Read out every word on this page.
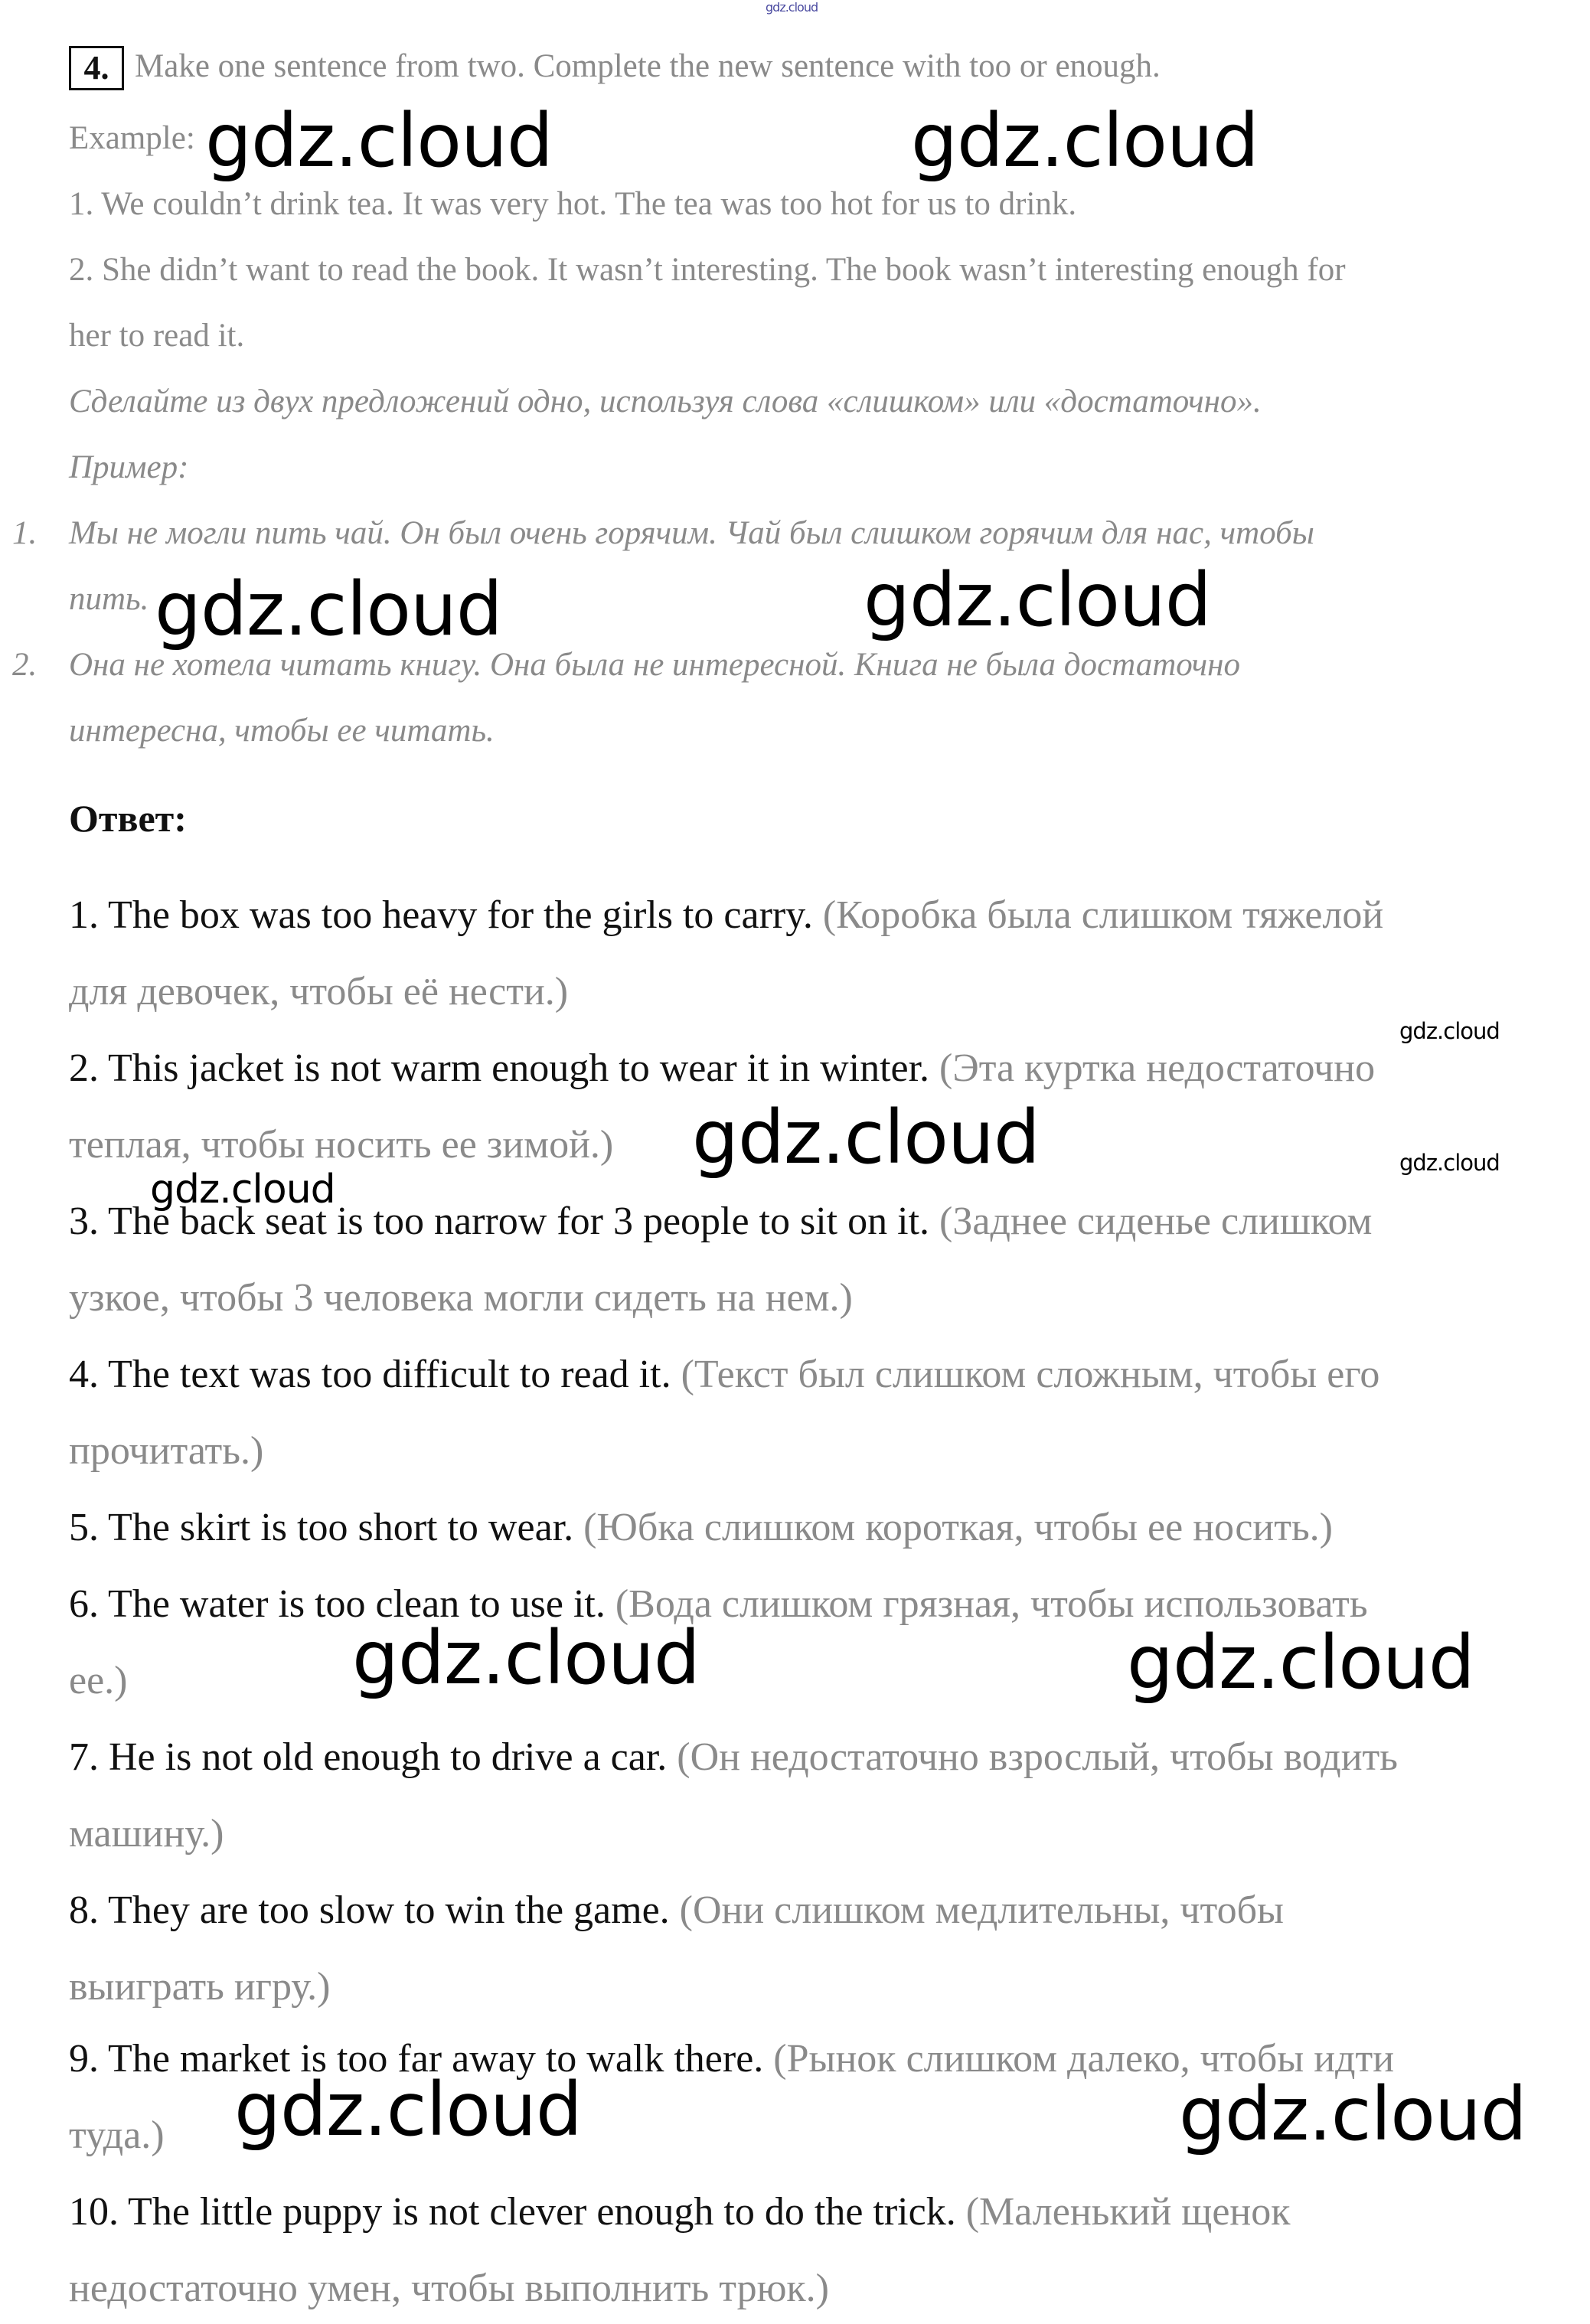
gdz.cloud
4. Make one sentence from two. Complete the new sentence with too or enough.
Example:
1. We couldn’t drink tea. It was very hot. The tea was too hot for us to drink.
2. She didn’t want to read the book. It wasn’t interesting. The book wasn’t interesting enough for
her to read it.
Сделайте из двух предложений одно, используя слова «слишком» или «достаточно».
Пример:
1. Мы не могли пить чай. Он был очень горячим. Чай был слишком горячим для нас, чтобы
пить.
2. Она не хотела читать книгу. Она была не интересной. Книга не была достаточно
интересна, чтобы ее читать.
Ответ:
1. The box was too heavy for the girls to carry. (Коробка была слишком тяжелой
для девочек, чтобы её нести.)
2. This jacket is not warm enough to wear it in winter. (Эта куртка недостаточно
теплая, чтобы носить ее зимой.)
3. The back seat is too narrow for 3 people to sit on it. (Заднее сиденье слишком
узкое, чтобы 3 человека могли сидеть на нем.)
4. The text was too difficult to read it. (Текст был слишком сложным, чтобы его
прочитать.)
5. The skirt is too short to wear. (Юбка слишком короткая, чтобы ее носить.)
6. The water is too clean to use it. (Вода слишком грязная, чтобы использовать
ее.)
7. He is not old enough to drive a car. (Он недостаточно взрослый, чтобы водить
машину.)
8. They are too slow to win the game. (Они слишком медлительны, чтобы
выиграть игру.)
9. The market is too far away to walk there. (Рынок слишком далеко, чтобы идти
туда.)
10. The little puppy is not clever enough to do the trick. (Маленький щенок
недостаточно умен, чтобы выполнить трюк.)
gdz.cloud	gdz.cloud
gdz.cloud	gdz.cloud
gdz.cloud
gdz.cloud
gdz.cloud
gdz.cloud
gdz.cloud	gdz.cloud
gdz.cloud	gdz.cloud
